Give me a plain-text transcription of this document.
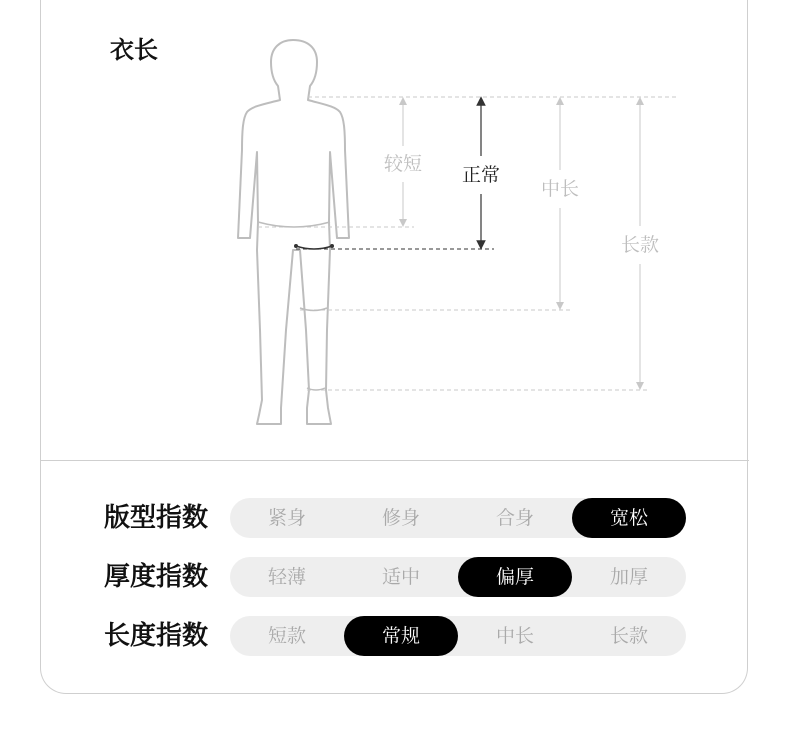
衣长
较短 正常
中长
长款
版型指数	紧身	修身	合身	宽松
厚度指数	轻薄	适中	偏厚	加厚
长度指数	短款	常规	中长	长款
